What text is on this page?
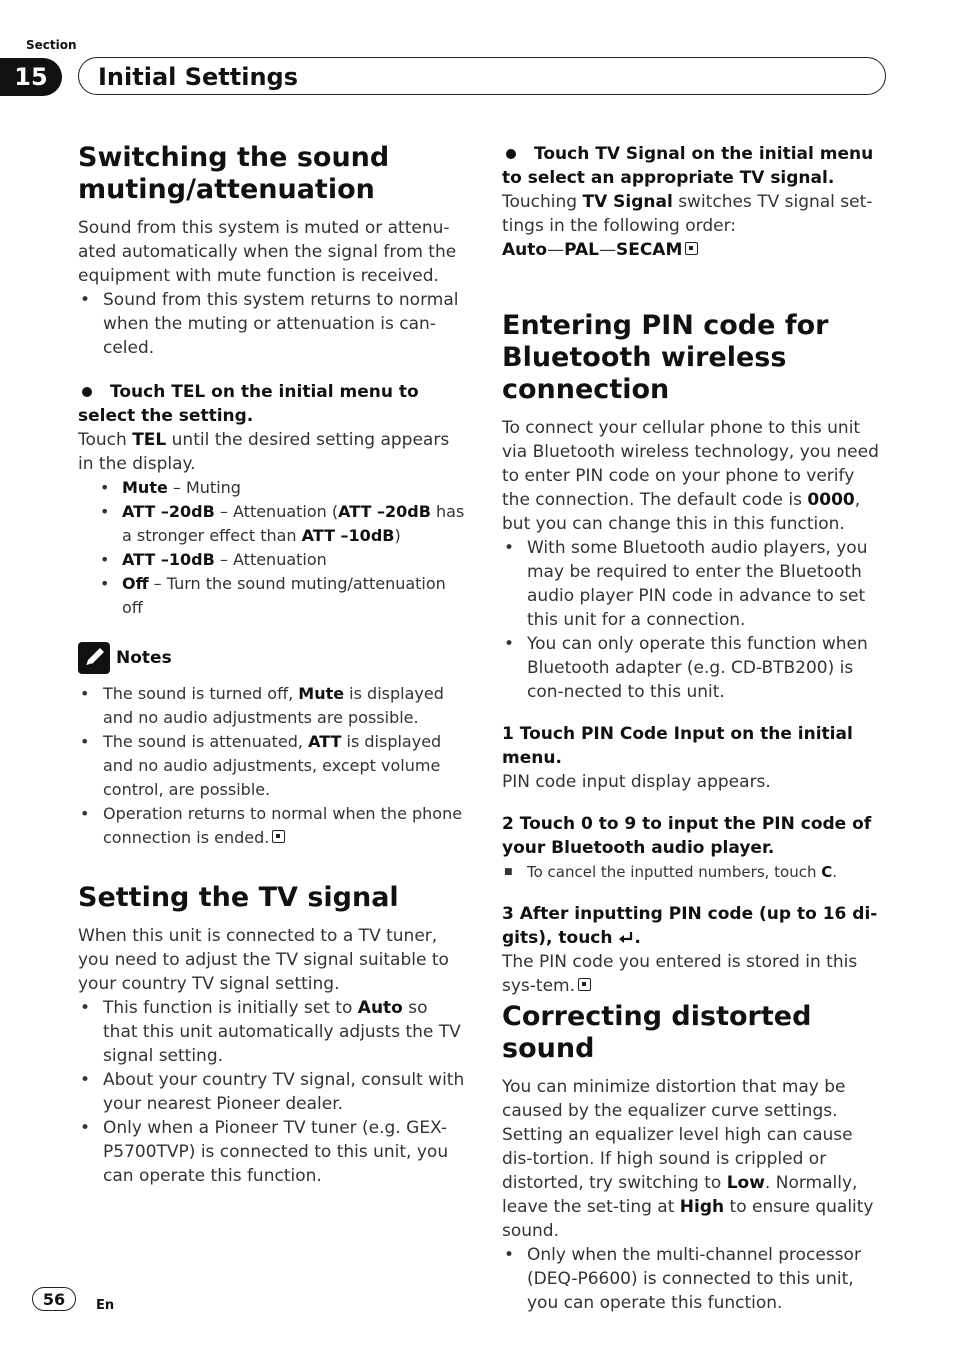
Section
15	Initial Settings
Switching the sound muting/attenuation

Sound from this system is muted or attenu-ated automatically when the signal from the equipment with mute function is received.

• Sound from this system returns to normal when the muting or attenuation is can-celed.

Touch TEL on the initial menu to select the setting.

Touch TEL until the desired setting appears in the display.

• Mute – Muting
• ATT –20dB – Attenuation (ATT –20dB has a stronger effect than ATT –10dB)
• ATT –10dB – Attenuation
• Off – Turn the sound muting/attenuation off
Notes
• The sound is turned off, Mute is displayed and no audio adjustments are possible.
• The sound is attenuated, ATT is displayed and no audio adjustments, except volume control, are possible.
• Operation returns to normal when the phone connection is ended.
Setting the TV signal

When this unit is connected to a TV tuner, you need to adjust the TV signal suitable to your country TV signal setting.

• This function is initially set to Auto so that this unit automatically adjusts the TV signal setting.
• About your country TV signal, consult with your nearest Pioneer dealer.
• Only when a Pioneer TV tuner (e.g. GEX-P5700TVP) is connected to this unit, you can operate this function.

Touch TV Signal on the initial menu to select an appropriate TV signal.

Touching TV Signal switches TV signal set-tings in the following order:

Auto—PAL—SECAM

Entering PIN code for Bluetooth wireless connection

To connect your cellular phone to this unit via Bluetooth wireless technology, you need to enter PIN code on your phone to verify the connection. The default code is 0000, but you can change this in this function.

• With some Bluetooth audio players, you may be required to enter the Bluetooth audio player PIN code in advance to set this unit for a connection.
• You can only operate this function when Bluetooth adapter (e.g. CD-BTB200) is con-nected to this unit.

1 Touch PIN Code Input on the initial menu.

PIN code input display appears.

2 Touch 0 to 9 to input the PIN code of your Bluetooth audio player.

■ To cancel the inputted numbers, touch C.

3 After inputting PIN code (up to 16 di-gits), touch .

The PIN code you entered is stored in this sys-tem.

Correcting distorted sound

You can minimize distortion that may be caused by the equalizer curve settings. Setting an equalizer level high can cause dis-tortion. If high sound is crippled or distorted, try switching to Low. Normally, leave the set-ting at High to ensure quality sound.

• Only when the multi-channel processor (DEQ-P6600) is connected to this unit, you can operate this function.
56	En
